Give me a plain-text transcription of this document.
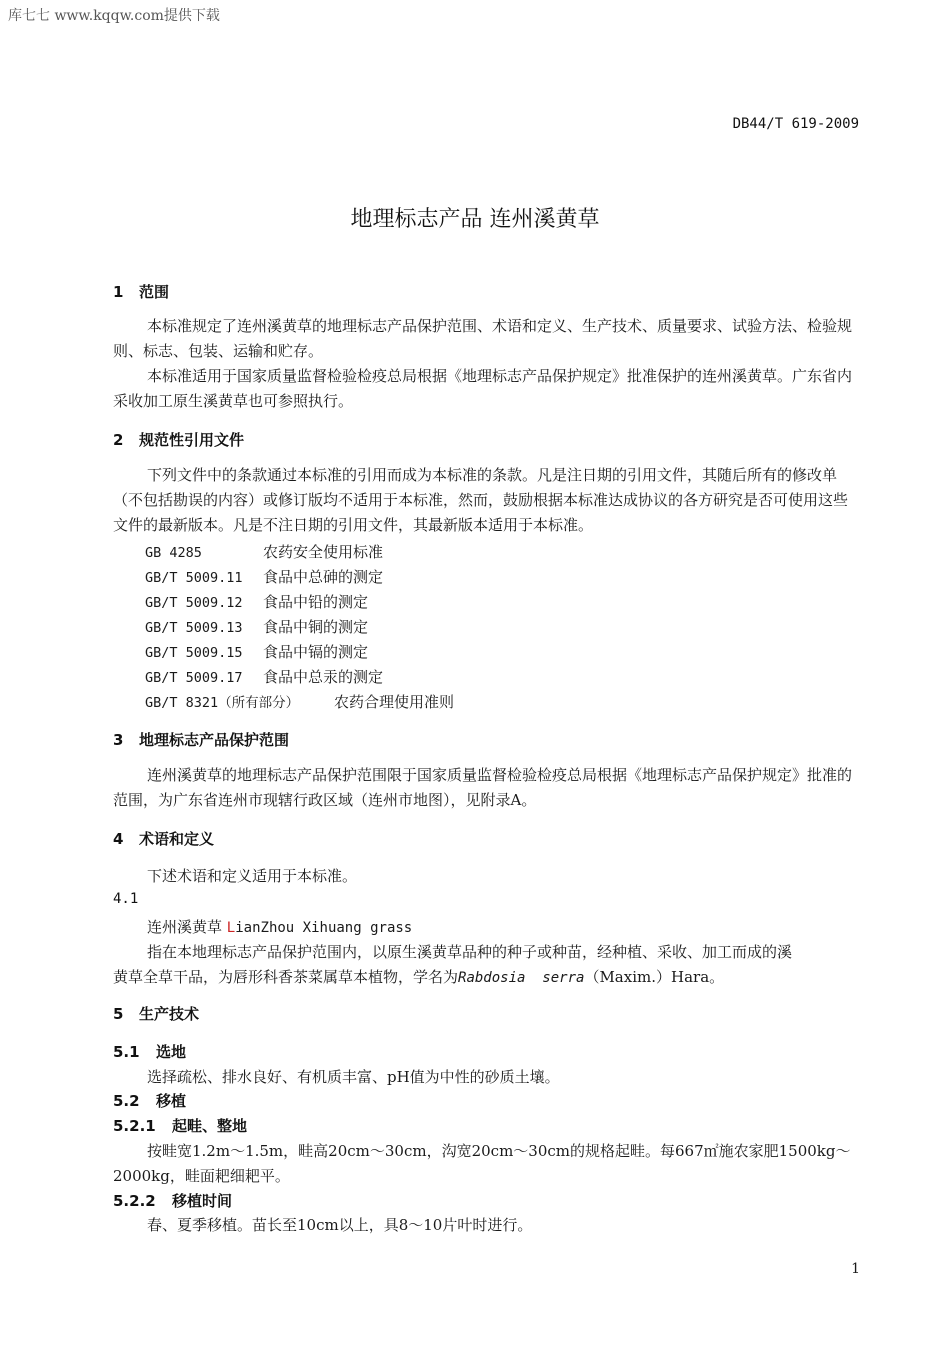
库七七 www.kqqw.com提供下载
DB44/T 619-2009
地理标志产品 连州溪黄草
1 范围
本标准规定了连州溪黄草的地理标志产品保护范围、术语和定义、生产技术、质量要求、试验方法、检验规则、标志、包装、运输和贮存。
本标准适用于国家质量监督检验检疫总局根据《地理标志产品保护规定》批准保护的连州溪黄草。广东省内采收加工原生溪黄草也可参照执行。
2 规范性引用文件
下列文件中的条款通过本标准的引用而成为本标准的条款。凡是注日期的引用文件，其随后所有的修改单（不包括勘误的内容）或修订版均不适用于本标准，然而，鼓励根据本标准达成协议的各方研究是否可使用这些文件的最新版本。凡是不注日期的引用文件，其最新版本适用于本标准。
GB 4285	农药安全使用标准
GB/T 5009.11 食品中总砷的测定
GB/T 5009.12 食品中铅的测定
GB/T 5009.13 食品中铜的测定
GB/T 5009.15 食品中镉的测定
GB/T 5009.17 食品中总汞的测定
GB/T 8321（所有部分） 农药合理使用准则
3 地理标志产品保护范围
连州溪黄草的地理标志产品保护范围限于国家质量监督检验检疫总局根据《地理标志产品保护规定》批准的范围，为广东省连州市现辖行政区域（连州市地图），见附录A。
4 术语和定义
下述术语和定义适用于本标准。
4.1
连州溪黄草 LianZhou Xihuang grass
指在本地理标志产品保护范围内，以原生溪黄草品种的种子或种苗，经种植、采收、加工而成的溪
黄草全草干品，为唇形科香茶菜属草本植物，学名为Rabdosia  serra（Maxim.）Hara。
5 生产技术
5.1 选地
选择疏松、排水良好、有机质丰富、pH值为中性的砂质土壤。
5.2 移植
5.2.1 起畦、整地
按畦宽1.2m～1.5m，畦高20cm～30cm，沟宽20cm～30cm的规格起畦。每667㎡施农家肥1500kg～
2000kg，畦面耙细耙平。
5.2.2 移植时间
春、夏季移植。苗长至10cm以上，具8～10片叶时进行。
1
